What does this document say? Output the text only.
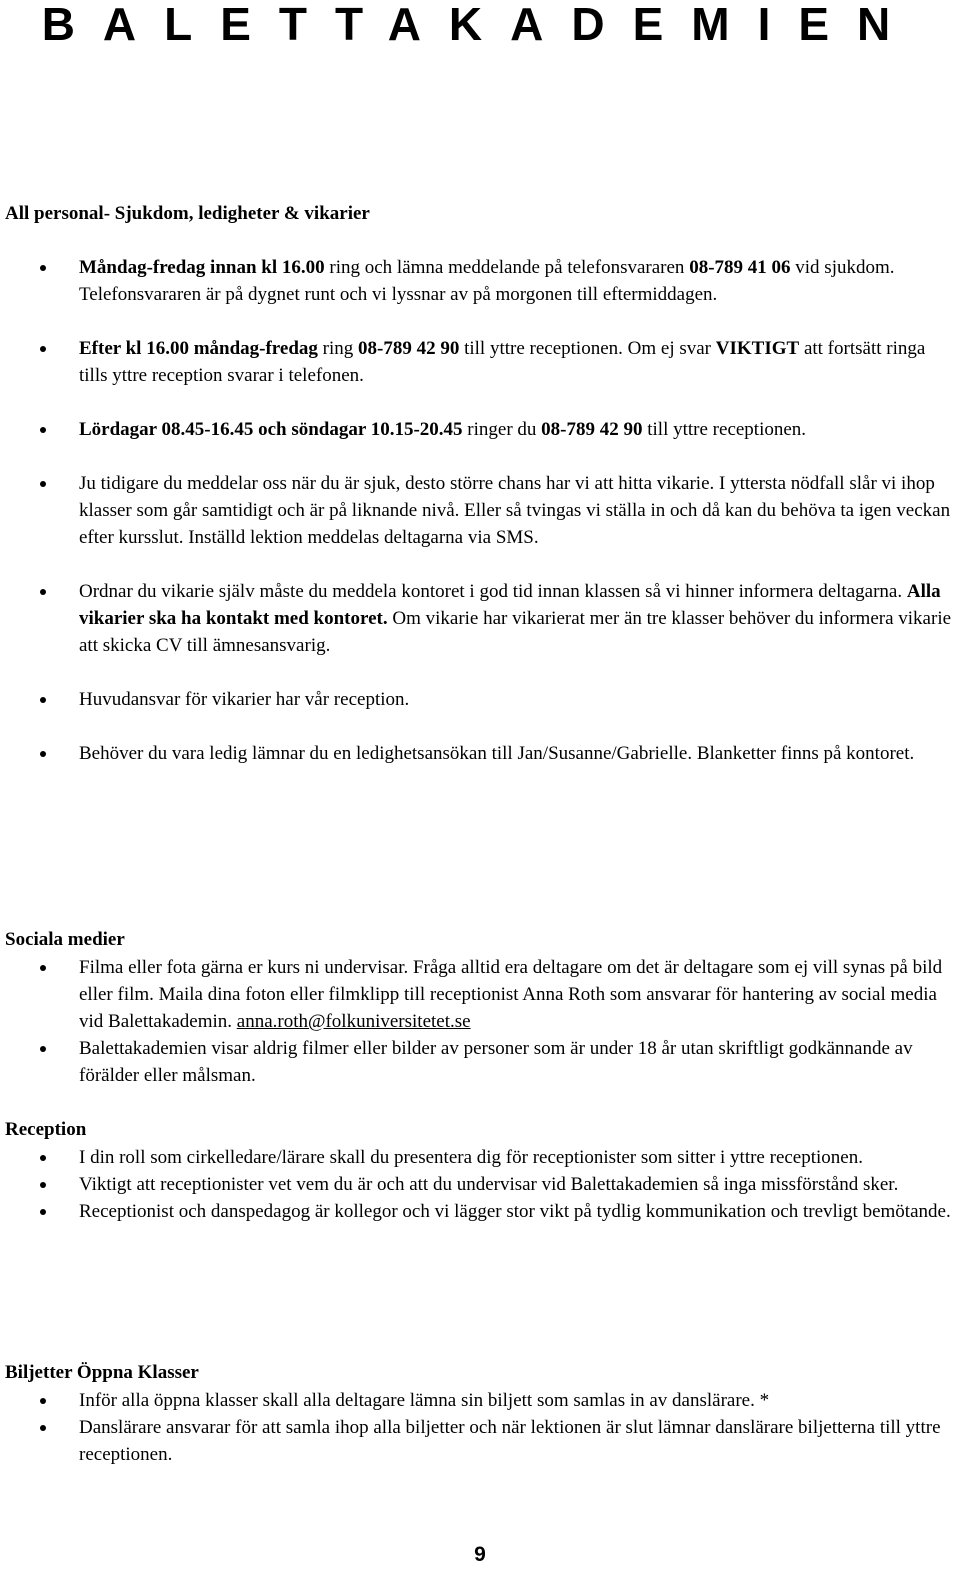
BALETTAKADEMIEN
All personal- Sjukdom, ledigheter & vikarier
Måndag-fredag innan kl 16.00 ring och lämna meddelande på telefonsvararen 08-789 41 06 vid sjukdom. Telefonsvararen är på dygnet runt och vi lyssnar av på morgonen till eftermiddagen.
Efter kl 16.00 måndag-fredag ring 08-789 42 90 till yttre receptionen. Om ej svar VIKTIGT att fortsätt ringa tills yttre reception svarar i telefonen.
Lördagar 08.45-16.45 och söndagar 10.15-20.45 ringer du 08-789 42 90 till yttre receptionen.
Ju tidigare du meddelar oss när du är sjuk, desto större chans har vi att hitta vikarie. I yttersta nödfall slår vi ihop klasser som går samtidigt och är på liknande nivå. Eller så tvingas vi ställa in och då kan du behöva ta igen veckan efter kursslut. Inställd lektion meddelas deltagarna via SMS.
Ordnar du vikarie själv måste du meddela kontoret i god tid innan klassen så vi hinner informera deltagarna. Alla vikarier ska ha kontakt med kontoret. Om vikarie har vikarierat mer än tre klasser behöver du informera vikarie att skicka CV till ämnesansvarig.
Huvudansvar för vikarier har vår reception.
Behöver du vara ledig lämnar du en ledighetsansökan till Jan/Susanne/Gabrielle. Blanketter finns på kontoret.
Sociala medier
Filma eller fota gärna er kurs ni undervisar. Fråga alltid era deltagare om det är deltagare som ej vill synas på bild eller film. Maila dina foton eller filmklipp till receptionist Anna Roth som ansvarar för hantering av social media vid Balettakademin. anna.roth@folkuniversitetet.se
Balettakademien visar aldrig filmer eller bilder av personer som är under 18 år utan skriftligt godkännande av förälder eller målsman.
Reception
I din roll som cirkelledare/lärare skall du presentera dig för receptionister som sitter i yttre receptionen.
Viktigt att receptionister vet vem du är och att du undervisar vid Balettakademien så inga missförstånd sker.
Receptionist och danspedagog är kollegor och vi lägger stor vikt på tydlig kommunikation och trevligt bemötande.
Biljetter Öppna Klasser
Inför alla öppna klasser skall alla deltagare lämna sin biljett som samlas in av danslärare. *
Danslärare ansvarar för att samla ihop alla biljetter och när lektionen är slut lämnar danslärare biljetterna till yttre receptionen.
9
